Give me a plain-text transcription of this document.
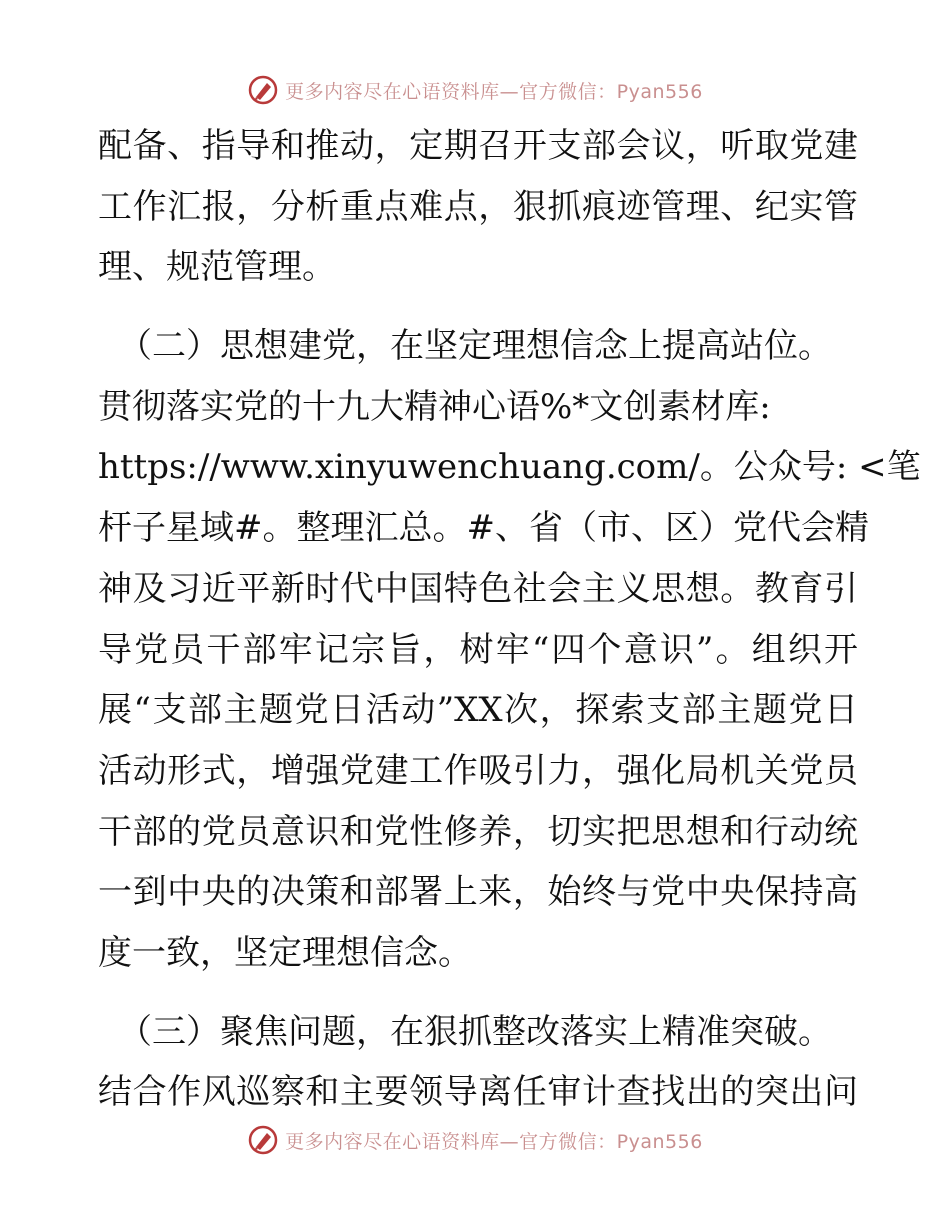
更多内容尽在心语资料库—官方微信：Pyan556
配备、指导和推动，定期召开支部会议，听取党建
工作汇报，分析重点难点，狠抓痕迹管理、纪实管
理、规范管理。
（二）思想建党，在坚定理想信念上提高站位。
贯彻落实党的十九大精神心语%*文创素材库:
https://www.xinyuwenchuang.com/。公众号: <笔
杆子星域#。整理汇总。#、省（市、区）党代会精
神及习近平新时代中国特色社会主义思想。教育引
导党员干部牢记宗旨，树牢“四个意识”。组织开
展“支部主题党日活动”XX次，探索支部主题党日
活动形式，增强党建工作吸引力，强化局机关党员
干部的党员意识和党性修养，切实把思想和行动统
一到中央的决策和部署上来，始终与党中央保持高
度一致，坚定理想信念。
（三）聚焦问题，在狠抓整改落实上精准突破。
结合作风巡察和主要领导离任审计查找出的突出问
更多内容尽在心语资料库—官方微信：Pyan556
